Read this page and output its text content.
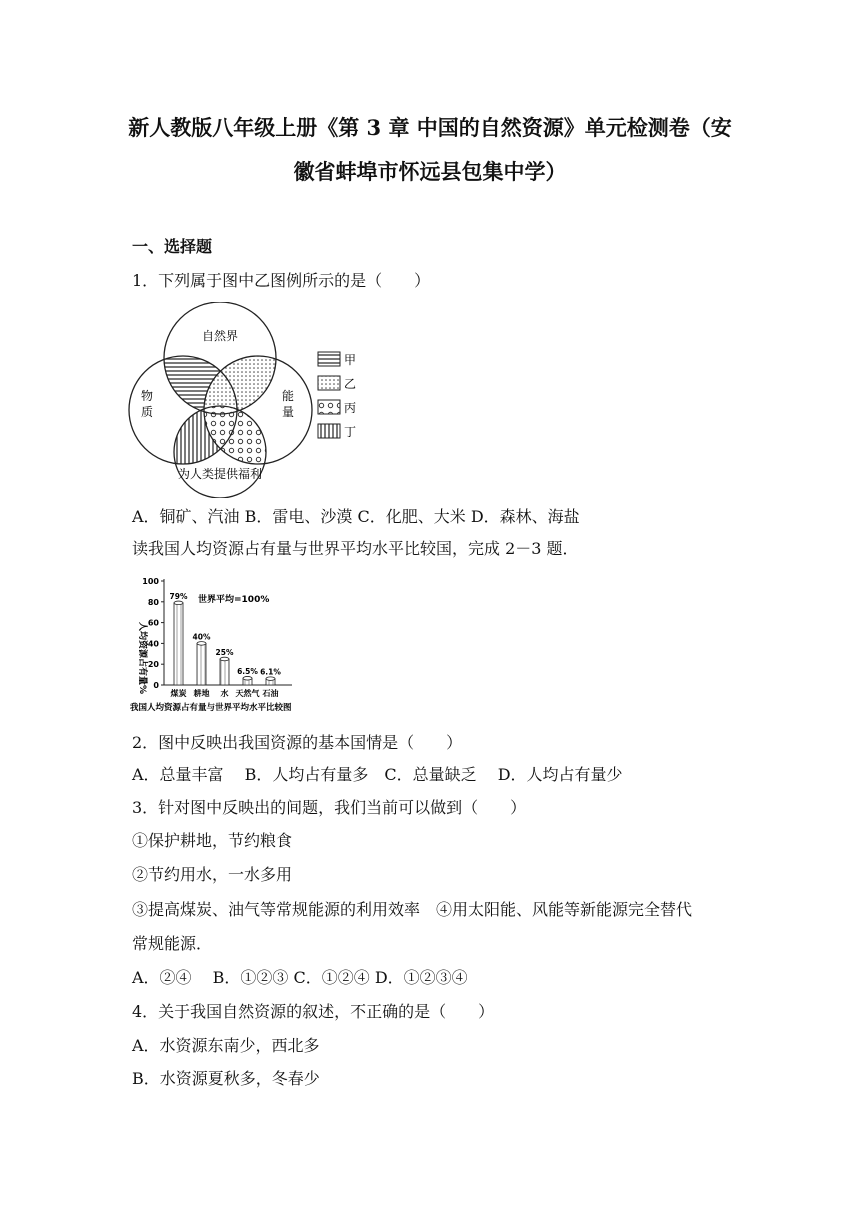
新人教版八年级上册《第 3 章 中国的自然资源》单元检测卷（安
徽省蚌埠市怀远县包集中学）
一、选择题
1．下列属于图中乙图例所示的是（　　）
自然界
物
质
能
量
为人类提供福利
甲
乙
丙
丁
A．铜矿、汽油 B．雷电、沙漠 C．化肥、大米 D．森林、海盐
读我国人均资源占有量与世界平均水平比较国，完成 2－3 题．
人均资源占有量% 0
20
40
60
80
100
世界平均=100%
79%
煤炭
40%
耕地
25%
水
6.5%
天然气
6.1%
石油
我国人均资源占有量与世界平均水平比较图
2．图中反映出我国资源的基本国情是（　　）
A．总量丰富　 B．人均占有量多　C．总量缺乏　 D．人均占有量少
3．针对图中反映出的间题，我们当前可以做到（　　）
①保护耕地，节约粮食
②节约用水，一水多用
③提高煤炭、油气等常规能源的利用效率　④用太阳能、风能等新能源完全替代
常规能源．
A．②④　 B．①②③ C．①②④ D．①②③④
4．关于我国自然资源的叙述，不正确的是（　　）
A．水资源东南少，西北多
B．水资源夏秋多，冬春少
